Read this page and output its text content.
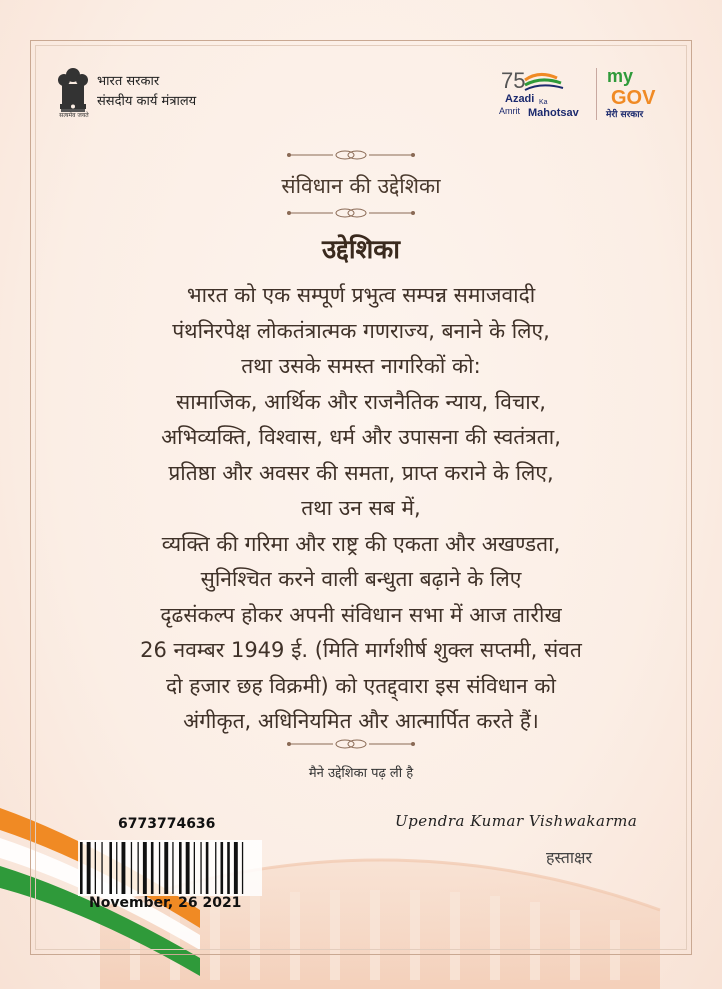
सत्यमेव जयते
भारत सरकार
संसदीय कार्य मंत्रालय
75
Azadi Ka
Amrit Mahotsav
my
GOV
मेरी सरकार
संविधान की उद्देशिका
उद्देशिका
भारत को एक सम्पूर्ण प्रभुत्व सम्पन्न समाजवादी
पंथनिरपेक्ष लोकतंत्रात्मक गणराज्य, बनाने के लिए,
तथा उसके समस्त नागरिकों को:
सामाजिक, आर्थिक और राजनैतिक न्याय, विचार,
अभिव्यक्ति, विश्वास, धर्म और उपासना की स्वतंत्रता,
प्रतिष्ठा और अवसर की समता, प्राप्त कराने के लिए,
तथा उन सब में,
व्यक्ति की गरिमा और राष्ट्र की एकता और अखण्डता,
सुनिश्चित करने वाली बन्धुता बढ़ाने के लिए
दृढसंकल्प होकर अपनी संविधान सभा में आज तारीख
26 नवम्बर 1949 ई. (मिति मार्गशीर्ष शुक्ल सप्तमी, संवत
दो हजार छह विक्रमी) को एतद्द्वारा इस संविधान को
अंगीकृत, अधिनियमित और आत्मार्पित करते हैं।
मैने उद्देशिका पढ़ ली है
Upendra Kumar Vishwakarma
हस्ताक्षर
6773774636
November, 26 2021
